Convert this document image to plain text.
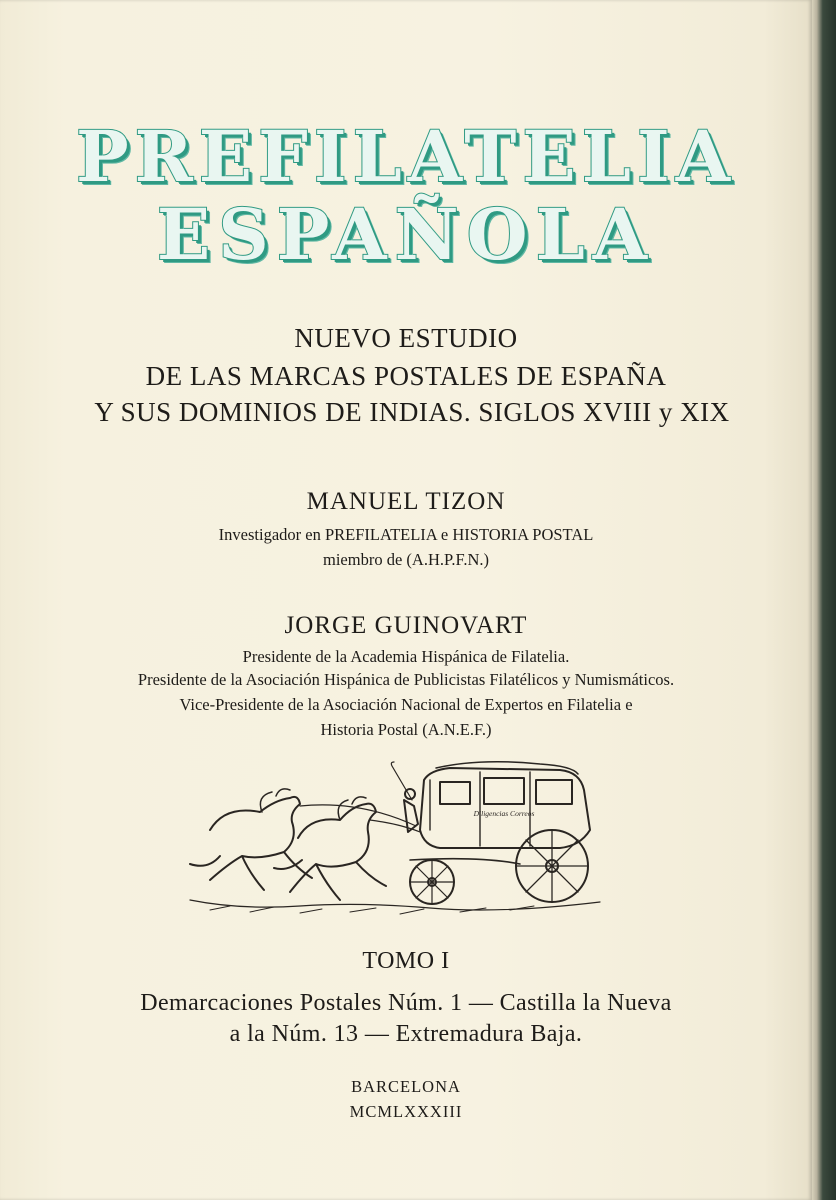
PREFILATELIA
ESPAÑOLA
NUEVO ESTUDIO
DE LAS MARCAS POSTALES DE ESPAÑA
Y SUS DOMINIOS DE INDIAS. SIGLOS XVIII y XIX
MANUEL TIZON
Investigador en PREFILATELIA e HISTORIA POSTAL
miembro de (A.H.P.F.N.)
JORGE GUINOVART
Presidente de la Academia Hispánica de Filatelia.
Presidente de la Asociación Hispánica de Publicistas Filatélicos y Numismáticos.
Vice-Presidente de la Asociación Nacional de Expertos en Filatelia e
Historia Postal (A.N.E.F.)
Diligencias Correos
TOMO I
Demarcaciones Postales Núm. 1 — Castilla la Nueva
a la Núm. 13 — Extremadura Baja.
BARCELONA
MCMLXXXIII
